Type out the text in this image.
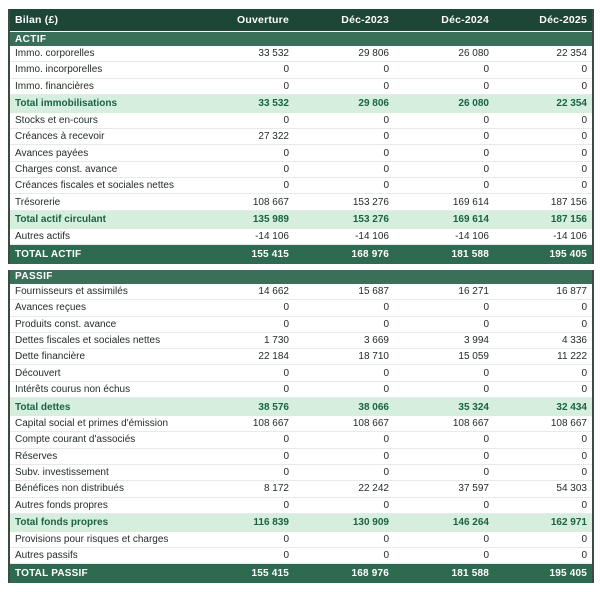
Bilan (£)	Ouverture	Déc-2023	Déc-2024	Déc-2025
ACTIF
Immo. corporelles	33 532	29 806	26 080	22 354
Immo. incorporelles	0	0	0	0
Immo. financières	0	0	0	0
Total immobilisations	33 532	29 806	26 080	22 354
Stocks et en-cours	0	0	0	0
Créances à recevoir	27 322	0	0	0
Avances payées	0	0	0	0
Charges const. avance	0	0	0	0
Créances fiscales et sociales nettes	0	0	0	0
Trésorerie	108 667	153 276	169 614	187 156
Total actif circulant	135 989	153 276	169 614	187 156
Autres actifs	-14 106	-14 106	-14 106	-14 106
TOTAL ACTIF	155 415	168 976	181 588	195 405
PASSIF
Fournisseurs et assimilés	14 662	15 687	16 271	16 877
Avances reçues	0	0	0	0
Produits const. avance	0	0	0	0
Dettes fiscales et sociales nettes	1 730	3 669	3 994	4 336
Dette financière	22 184	18 710	15 059	11 222
Découvert	0	0	0	0
Intérêts courus non échus	0	0	0	0
Total dettes	38 576	38 066	35 324	32 434
Capital social et primes d'émission	108 667	108 667	108 667	108 667
Compte courant d'associés	0	0	0	0
Réserves	0	0	0	0
Subv. investissement	0	0	0	0
Bénéfices non distribués	8 172	22 242	37 597	54 303
Autres fonds propres	0	0	0	0
Total fonds propres	116 839	130 909	146 264	162 971
Provisions pour risques et charges	0	0	0	0
Autres passifs	0	0	0	0
TOTAL PASSIF	155 415	168 976	181 588	195 405
